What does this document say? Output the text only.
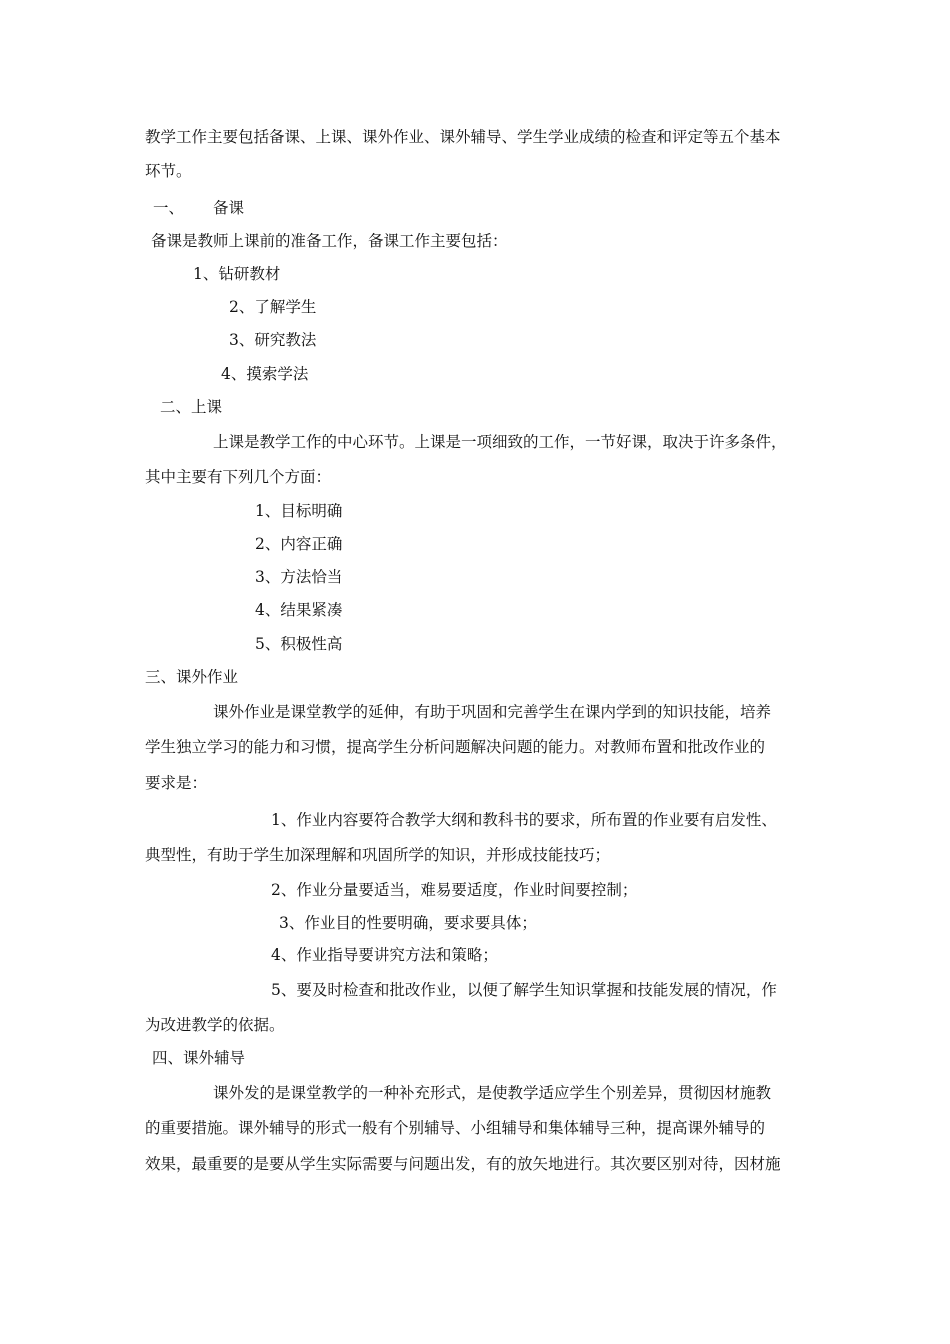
教学工作主要包括备课、上课、课外作业、课外辅导、学生学业成绩的检查和评定等五个基本
环节。
一、 备课
备课是教师上课前的准备工作，备课工作主要包括：
1、钻研教材
2、了解学生
3、研究教法
4、摸索学法
二、上课
上课是教学工作的中心环节。上课是一项细致的工作，一节好课，取决于许多条件，
其中主要有下列几个方面：
1、目标明确
2、内容正确
3、方法恰当
4、结果紧凑
5、积极性高
三、课外作业
课外作业是课堂教学的延伸，有助于巩固和完善学生在课内学到的知识技能，培养
学生独立学习的能力和习惯，提高学生分析问题解决问题的能力。对教师布置和批改作业的
要求是：
1、作业内容要符合教学大纲和教科书的要求，所布置的作业要有启发性、
典型性，有助于学生加深理解和巩固所学的知识，并形成技能技巧；
2、作业分量要适当，难易要适度，作业时间要控制；
3、作业目的性要明确，要求要具体；
4、作业指导要讲究方法和策略；
5、要及时检查和批改作业，以便了解学生知识掌握和技能发展的情况，作
为改进教学的依据。
四、课外辅导
课外发的是课堂教学的一种补充形式，是使教学适应学生个别差异，贯彻因材施教
的重要措施。课外辅导的形式一般有个别辅导、小组辅导和集体辅导三种，提高课外辅导的
效果，最重要的是要从学生实际需要与问题出发，有的放矢地进行。其次要区别对待，因材施
